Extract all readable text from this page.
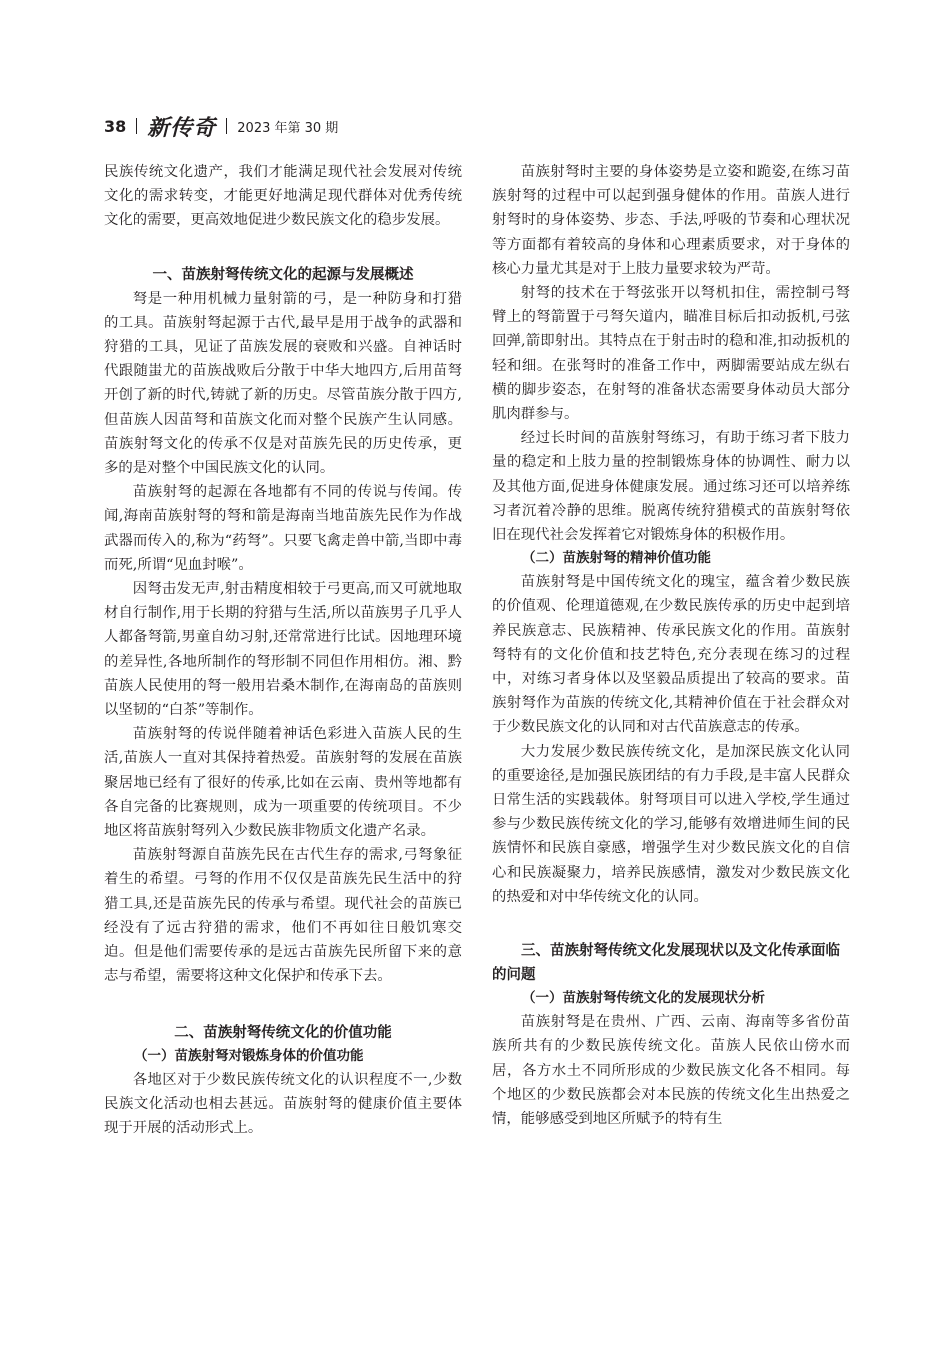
38 新传奇 2023 年第 30 期

民族传统文化遗产，我们才能满足现代社会发展对传统文化的需求转变，才能更好地满足现代群体对优秀传统文化的需要，更高效地促进少数民族文化的稳步发展。

一、苗族射弩传统文化的起源与发展概述

弩是一种用机械力量射箭的弓，是一种防身和打猎的工具。苗族射弩起源于古代,最早是用于战争的武器和狩猎的工具，见证了苗族发展的衰败和兴盛。自神话时代跟随蚩尤的苗族战败后分散于中华大地四方,后用苗弩开创了新的时代,铸就了新的历史。尽管苗族分散于四方,但苗族人因苗弩和苗族文化而对整个民族产生认同感。苗族射弩文化的传承不仅是对苗族先民的历史传承，更多的是对整个中国民族文化的认同。

苗族射弩的起源在各地都有不同的传说与传闻。传闻,海南苗族射弩的弩和箭是海南当地苗族先民作为作战武器而传入的,称为“药弩”。只要飞禽走兽中箭,当即中毒而死,所谓“见血封喉”。

因弩击发无声,射击精度相较于弓更高,而又可就地取材自行制作,用于长期的狩猎与生活,所以苗族男子几乎人人都备弩箭,男童自幼习射,还常常进行比试。因地理环境的差异性,各地所制作的弩形制不同但作用相仿。湘、黔苗族人民使用的弩一般用岩桑木制作,在海南岛的苗族则以坚韧的“白茶”等制作。

苗族射弩的传说伴随着神话色彩进入苗族人民的生活,苗族人一直对其保持着热爱。苗族射弩的发展在苗族聚居地已经有了很好的传承,比如在云南、贵州等地都有各自完备的比赛规则，成为一项重要的传统项目。不少地区将苗族射弩列入少数民族非物质文化遗产名录。

苗族射弩源自苗族先民在古代生存的需求,弓弩象征着生的希望。弓弩的作用不仅仅是苗族先民生活中的狩猎工具,还是苗族先民的传承与希望。现代社会的苗族已经没有了远古狩猎的需求，他们不再如往日般饥寒交迫。但是他们需要传承的是远古苗族先民所留下来的意志与希望，需要将这种文化保护和传承下去。

二、苗族射弩传统文化的价值功能
（一）苗族射弩对锻炼身体的价值功能

各地区对于少数民族传统文化的认识程度不一,少数民族文化活动也相去甚远。苗族射弩的健康价值主要体现于开展的活动形式上。

苗族射弩时主要的身体姿势是立姿和跪姿,在练习苗族射弩的过程中可以起到强身健体的作用。苗族人进行射弩时的身体姿势、步态、手法,呼吸的节奏和心理状况等方面都有着较高的身体和心理素质要求，对于身体的核心力量尤其是对于上肢力量要求较为严苛。

射弩的技术在于弩弦张开以弩机扣住，需控制弓弩臂上的弩箭置于弓弩矢道内，瞄准目标后扣动扳机,弓弦回弹,箭即射出。其特点在于射击时的稳和准,扣动扳机的轻和细。在张弩时的准备工作中，两脚需要站成左纵右横的脚步姿态，在射弩的准备状态需要身体动员大部分肌肉群参与。

经过长时间的苗族射弩练习，有助于练习者下肢力量的稳定和上肢力量的控制锻炼身体的协调性、耐力以及其他方面,促进身体健康发展。通过练习还可以培养练习者沉着冷静的思维。脱离传统狩猎模式的苗族射弩依旧在现代社会发挥着它对锻炼身体的积极作用。

（二）苗族射弩的精神价值功能

苗族射弩是中国传统文化的瑰宝，蕴含着少数民族的价值观、伦理道德观,在少数民族传承的历史中起到培养民族意志、民族精神、传承民族文化的作用。苗族射弩特有的文化价值和技艺特色,充分表现在练习的过程中，对练习者身体以及坚毅品质提出了较高的要求。苗族射弩作为苗族的传统文化,其精神价值在于社会群众对于少数民族文化的认同和对古代苗族意志的传承。

大力发展少数民族传统文化，是加深民族文化认同的重要途径,是加强民族团结的有力手段,是丰富人民群众日常生活的实践载体。射弩项目可以进入学校,学生通过参与少数民族传统文化的学习,能够有效增进师生间的民族情怀和民族自豪感，增强学生对少数民族文化的自信心和民族凝聚力，培养民族感情，激发对少数民族文化的热爱和对中华传统文化的认同。

三、苗族射弩传统文化发展现状以及文化传承面临的问题
（一）苗族射弩传统文化的发展现状分析

苗族射弩是在贵州、广西、云南、海南等多省份苗族所共有的少数民族传统文化。苗族人民依山傍水而居，各方水土不同所形成的少数民族文化各不相同。每个地区的少数民族都会对本民族的传统文化生出热爱之情，能够感受到地区所赋予的特有生
